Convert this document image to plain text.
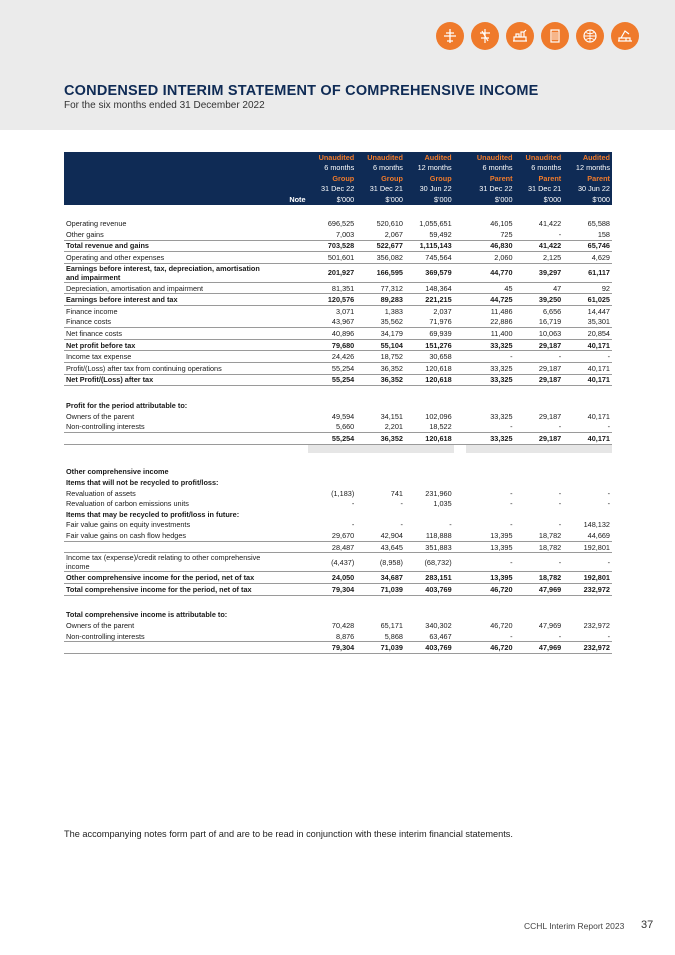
CONDENSED INTERIM STATEMENT OF COMPREHENSIVE INCOME
For the six months ended 31 December 2022
		Unaudited	Unaudited	Audited		Unaudited	Unaudited	Audited
		6 months	6 months	12 months		6 months	6 months	12 months
		Group	Group	Group		Parent	Parent	Parent
		31 Dec 22	31 Dec 21	30 Jun 22		31 Dec 22	31 Dec 21	30 Jun 22
	Note	$'000	$'000	$'000		$'000	$'000	$'000

Operating revenue		696,525	520,610	1,055,651		46,105	41,422	65,588
Other gains		7,003	2,067	59,492		725	-	158
Total revenue and gains		703,528	522,677	1,115,143		46,830	41,422	65,746
Operating and other expenses		501,601	356,082	745,564		2,060	2,125	4,629
Earnings before interest, tax, depreciation, amortisation and impairment		201,927	166,595	369,579		44,770	39,297	61,117
Depreciation, amortisation and impairment		81,351	77,312	148,364		45	47	92
Earnings before interest and tax		120,576	89,283	221,215		44,725	39,250	61,025
Finance income		3,071	1,383	2,037		11,486	6,656	14,447
Finance costs		43,967	35,562	71,976		22,886	16,719	35,301
Net finance costs		40,896	34,179	69,939		11,400	10,063	20,854
Net profit before tax		79,680	55,104	151,276		33,325	29,187	40,171
Income tax expense		24,426	18,752	30,658		-	-	-
Profit/(Loss) after tax from continuing operations		55,254	36,352	120,618		33,325	29,187	40,171
Net Profit/(Loss) after tax		55,254	36,352	120,618		33,325	29,187	40,171

Profit for the period attributable to:								
Owners of the parent		49,594	34,151	102,096		33,325	29,187	40,171
Non-controlling interests		5,660	2,201	18,522		-	-	-
		55,254	36,352	120,618		33,325	29,187	40,171

Other comprehensive income								
Items that will not be recycled to profit/loss:								
Revaluation of assets		(1,183)	741	231,960		-	-	-
Revaluation of carbon emissions units		-	-	1,035		-	-	-
Items that may be recycled to profit/loss in future:								
Fair value gains on equity investments		-	-	-		-	-	148,132
Fair value gains on cash flow hedges		29,670	42,904	118,888		13,395	18,782	44,669
		28,487	43,645	351,883		13,395	18,782	192,801
Income tax (expense)/credit relating to other comprehensive income		(4,437)	(8,958)	(68,732)		-	-	-
Other comprehensive income for the period, net of tax		24,050	34,687	283,151		13,395	18,782	192,801
Total comprehensive income for the period, net of tax		79,304	71,039	403,769		46,720	47,969	232,972

Total comprehensive income is attributable to:								
Owners of the parent		70,428	65,171	340,302		46,720	47,969	232,972
Non-controlling interests		8,876	5,868	63,467		-	-	-
		79,304	71,039	403,769		46,720	47,969	232,972
The accompanying notes form part of and are to be read in conjunction with these interim financial statements.
CCHL Interim Report 2023 37
